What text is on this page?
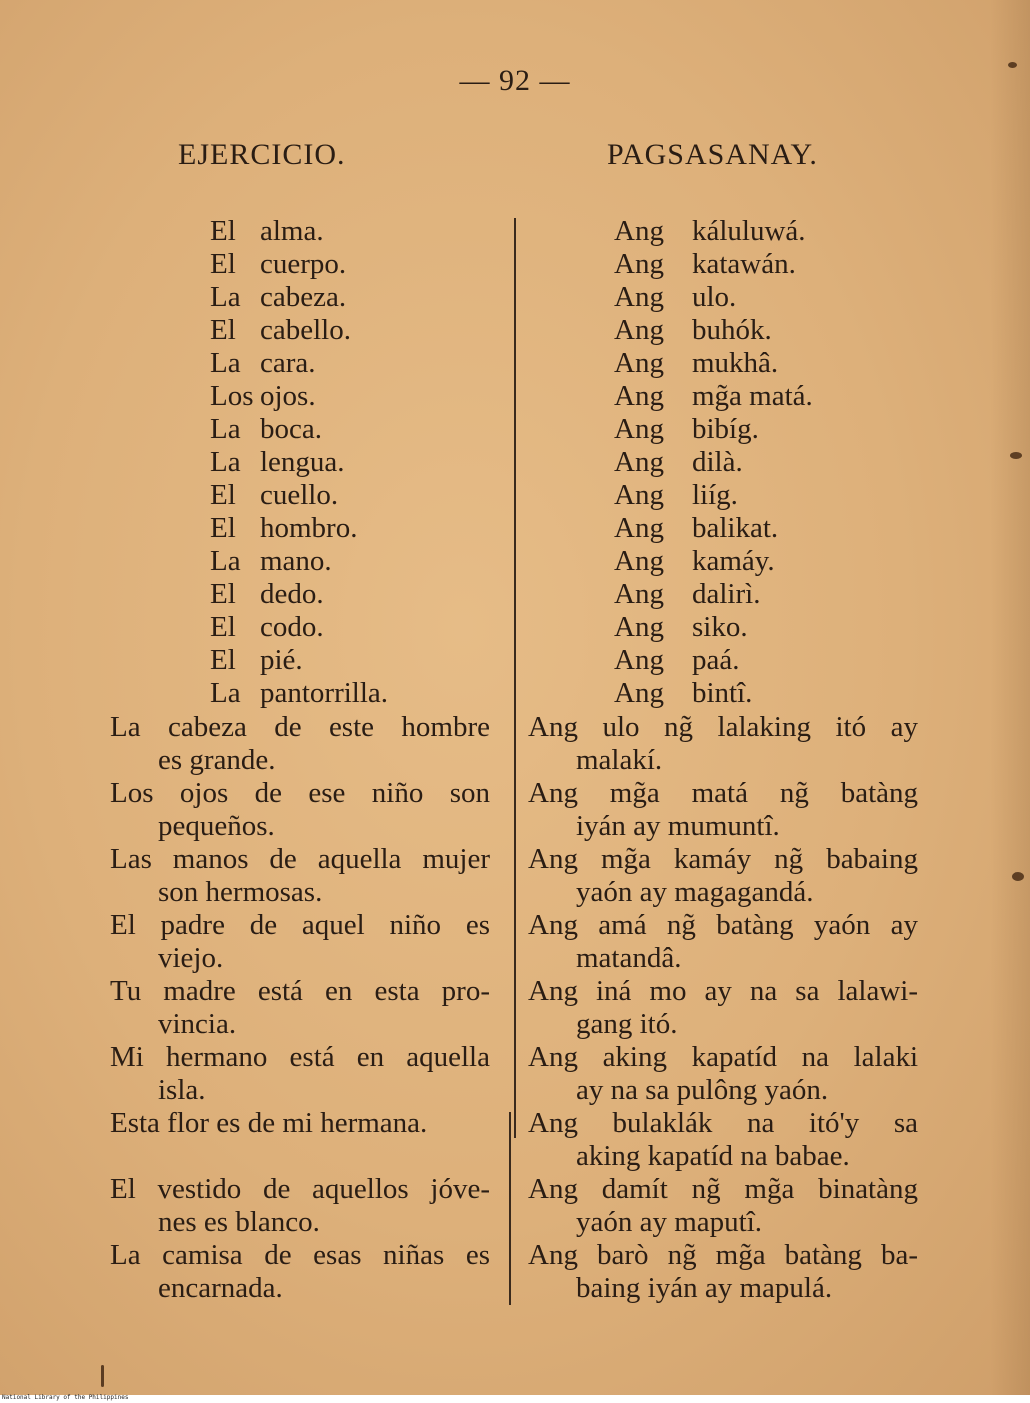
— 92 —
EJERCICIO.	PAGSASANAY.
El alma.
El cuerpo.
La cabeza.
El cabello.
La cara.
Los ojos.
La boca.
La lengua.
El cuello.
El hombro.
La mano.
El dedo.
El codo.
El pié.
La pantorrilla.
Ang káluluwá.
Ang katawán.
Ang ulo.
Ang buhók.
Ang mukhâ.
Ang mg̃a matá.
Ang bibíg.
Ang dilà.
Ang liíg.
Ang balikat.
Ang kamáy.
Ang dalirì.
Ang siko.
Ang paá.
Ang bintî.
La cabeza de este hombre
es grande.
Los ojos de ese niño son
pequeños.
Las manos de aquella mujer
son hermosas.
El padre de aquel niño es
viejo.
Tu madre está en esta pro-
vincia.
Mi hermano está en aquella
isla.
Esta flor es de mi hermana.
El vestido de aquellos jóve-
nes es blanco.
La camisa de esas niñas es
encarnada.
Ang ulo ng̃ lalaking itó ay
malakí.
Ang mg̃a matá ng̃ batàng
iyán ay mumuntî.
Ang mg̃a kamáy ng̃ babaing
yaón ay magagandá.
Ang amá ng̃ batàng yaón ay
matandâ.
Ang iná mo ay na sa lalawi-
gang itó.
Ang aking kapatíd na lalaki
ay na sa pulông yaón.
Ang bulaklák na itó'y sa
aking kapatíd na babae.
Ang damít ng̃ mg̃a binatàng
yaón ay maputî.
Ang barò ng̃ mg̃a batàng ba-
baing iyán ay mapulá.
National Library of the Philippines
